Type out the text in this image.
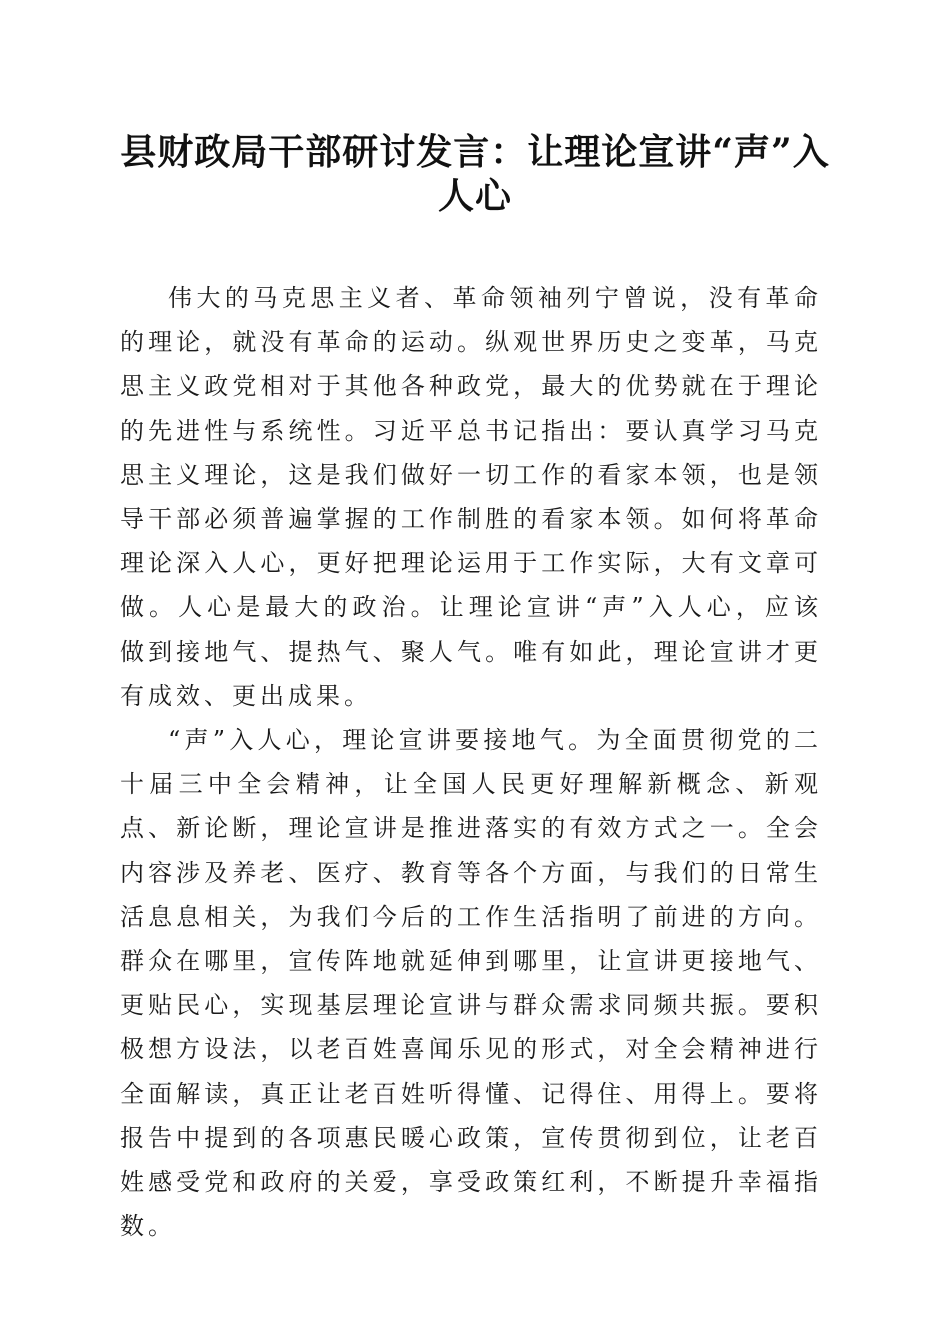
县财政局干部研讨发言：让理论宣讲“声”入人心

伟大的马克思主义者、革命领袖列宁曾说，没有革命的理论，就没有革命的运动。纵观世界历史之变革，马克思主义政党相对于其他各种政党，最大的优势就在于理论的先进性与系统性。习近平总书记指出：要认真学习马克思主义理论，这是我们做好一切工作的看家本领，也是领导干部必须普遍掌握的工作制胜的看家本领。如何将革命理论深入人心，更好把理论运用于工作实际，大有文章可做。人心是最大的政治。让理论宣讲“声”入人心，应该做到接地气、提热气、聚人气。唯有如此，理论宣讲才更有成效、更出成果。

“声”入人心，理论宣讲要接地气。为全面贯彻党的二十届三中全会精神，让全国人民更好理解新概念、新观点、新论断，理论宣讲是推进落实的有效方式之一。全会内容涉及养老、医疗、教育等各个方面，与我们的日常生活息息相关，为我们今后的工作生活指明了前进的方向。群众在哪里，宣传阵地就延伸到哪里，让宣讲更接地气、更贴民心，实现基层理论宣讲与群众需求同频共振。要积极想方设法，以老百姓喜闻乐见的形式，对全会精神进行全面解读，真正让老百姓听得懂、记得住、用得上。要将报告中提到的各项惠民暖心政策，宣传贯彻到位，让老百姓感受党和政府的关爱，享受政策红利，不断提升幸福指数。
